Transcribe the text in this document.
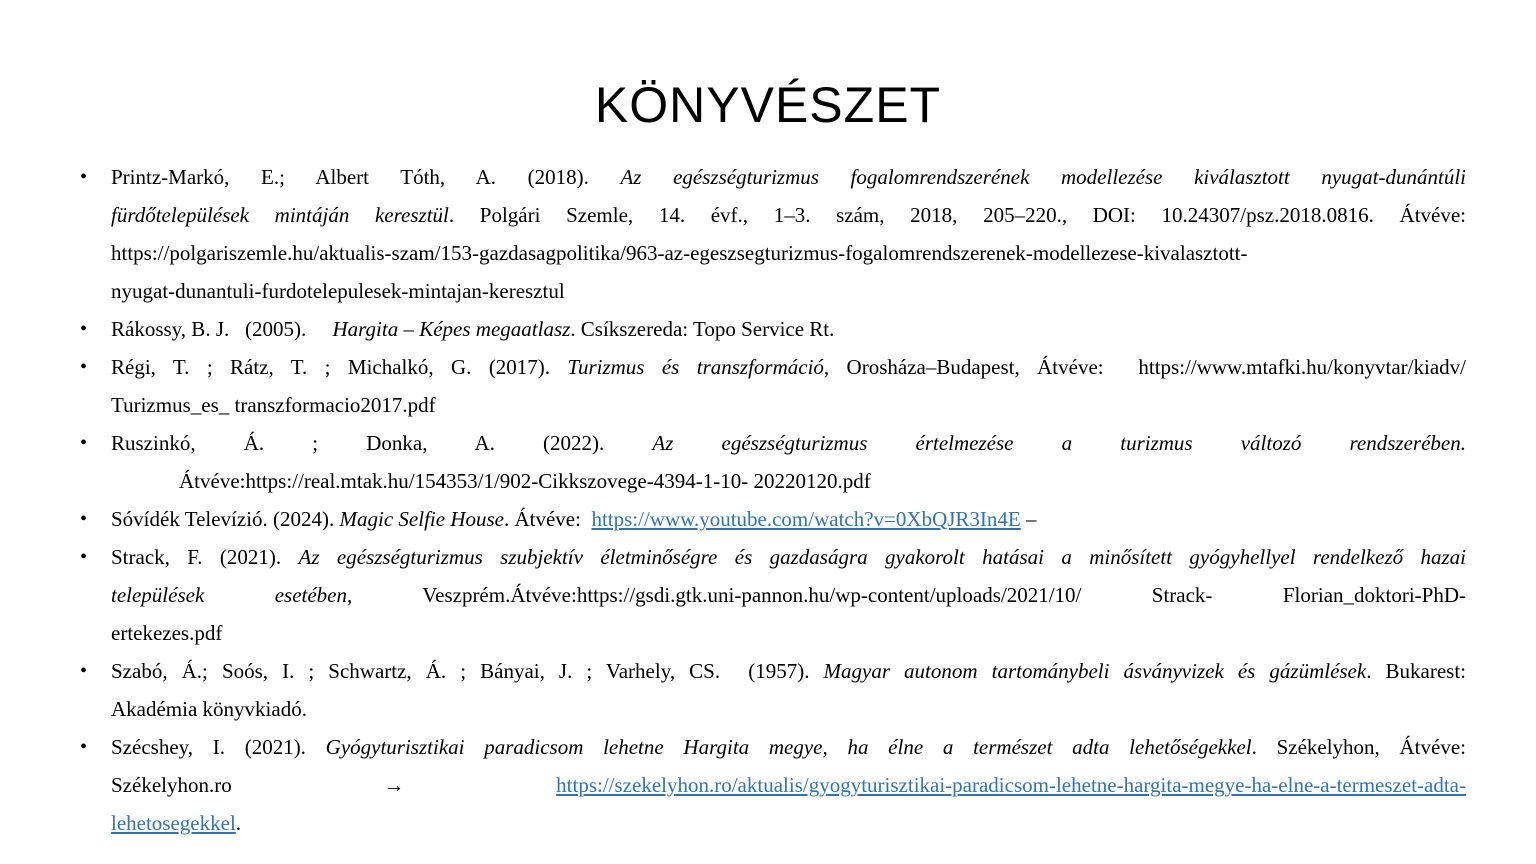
KÖNYVÉSZET
• Printz-Markó, E.; Albert Tóth, A. (2018). Az egészségturizmus fogalomrendszerének modellezése kiválasztott nyugat-dunántúli
fürdőtelepülések mintáján keresztül. Polgári Szemle, 14. évf., 1–3. szám, 2018, 205–220., DOI: 10.24307/psz.2018.0816. Átvéve:
https://polgariszemle.hu/aktualis-szam/153-gazdasagpolitika/963-az-egeszsegturizmus-fogalomrendszerenek-modellezese-kivalasztott-
nyugat-dunantuli-furdotelepulesek-mintajan-keresztul
• Rákossy, B. J.   (2005).     Hargita – Képes megaatlasz. Csíkszereda: Topo Service Rt.
• Régi, T. ; Rátz, T. ; Michalkó, G. (2017). Turizmus és transzformáció, Orosháza–Budapest, Átvéve:  https://www.mtafki.hu/konyvtar/kiadv/
Turizmus_es_ transzformacio2017.pdf
• Ruszinkó, Á. ; Donka, A. (2022). Az egészségturizmus értelmezése a turizmus változó rendszerében.
Átvéve:https://real.mtak.hu/154353/1/902-Cikkszovege-4394-1-10- 20220120.pdf
• Sóvídék Televízió. (2024). Magic Selfie House. Átvéve:  https://www.youtube.com/watch?v=0XbQJR3In4E –
• Strack, F. (2021). Az egészségturizmus szubjektív életminőségre és gazdaságra gyakorolt hatásai a minősített gyógyhellyel rendelkező hazai
települések esetében, Veszprém.Átvéve:https://gsdi.gtk.uni-pannon.hu/wp-content/uploads/2021/10/ Strack- Florian_doktori-PhD-
ertekezes.pdf
• Szabó, Á.; Soós, I. ; Schwartz, Á. ; Bányai, J. ; Varhely, CS.  (1957). Magyar autonom tartománybeli ásványvizek és gázümlések. Bukarest:
Akadémia könyvkiadó.
• Szécshey, I. (2021). Gyógyturisztikai paradicsom lehetne Hargita megye, ha élne a természet adta lehetőségekkel. Székelyhon, Átvéve:
Székelyhon.ro → https://szekelyhon.ro/aktualis/gyogyturisztikai-paradicsom-lehetne-hargita-megye-ha-elne-a-termeszet-adta-
lehetosegekkel.
